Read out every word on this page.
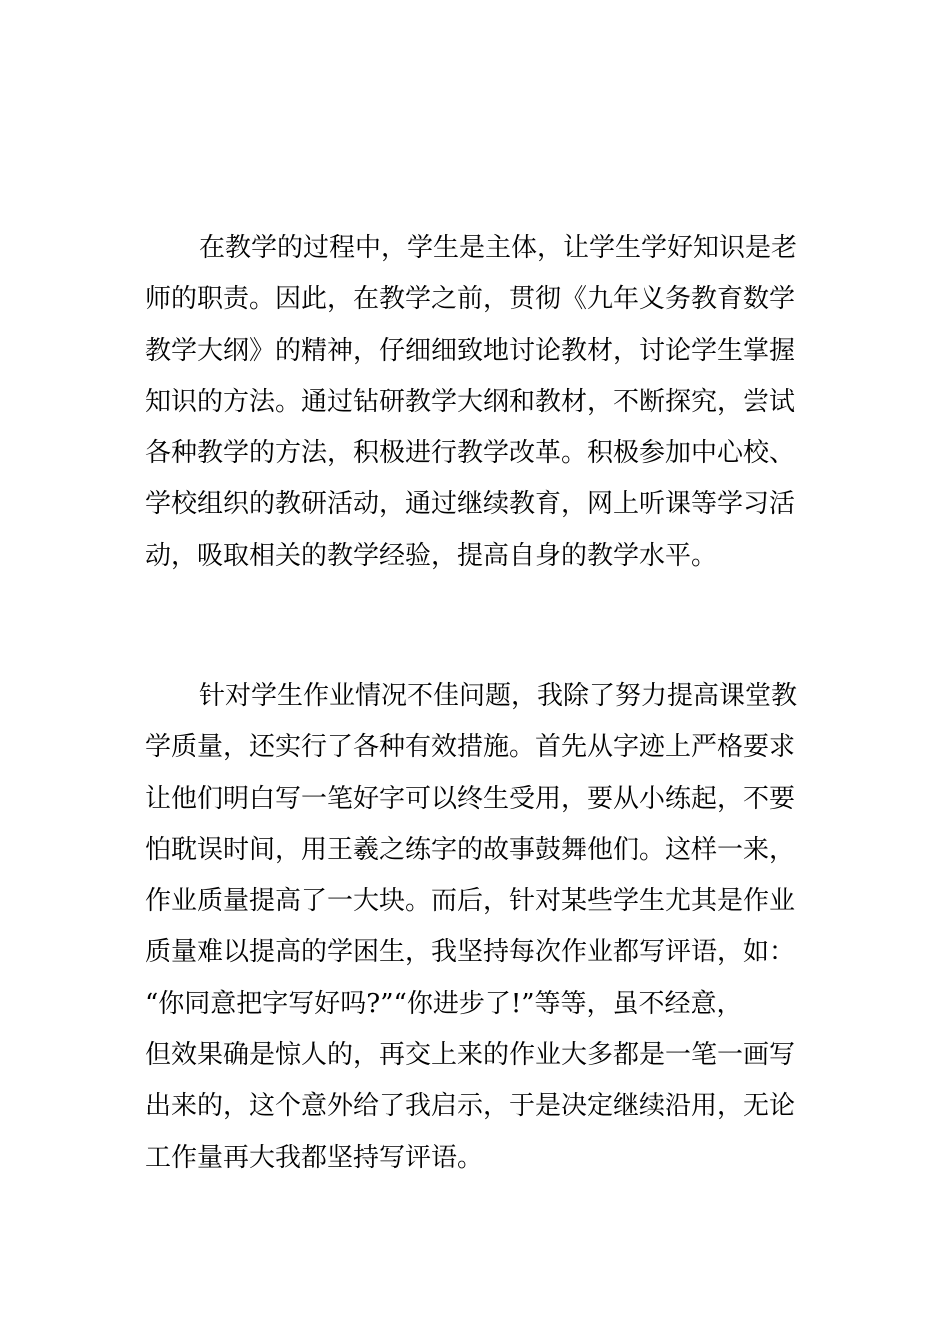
在教学的过程中，学生是主体，让学生学好知识是老
师的职责。因此，在教学之前，贯彻《九年义务教育数学
教学大纲》的精神，仔细细致地讨论教材，讨论学生掌握
知识的方法。通过钻研教学大纲和教材，不断探究，尝试
各种教学的方法，积极进行教学改革。积极参加中心校、
学校组织的教研活动，通过继续教育，网上听课等学习活
动，吸取相关的教学经验，提高自身的教学水平。
针对学生作业情况不佳问题，我除了努力提高课堂教
学质量，还实行了各种有效措施。首先从字迹上严格要求
让他们明白写一笔好字可以终生受用，要从小练起，不要
怕耽误时间，用王羲之练字的故事鼓舞他们。这样一来，
作业质量提高了一大块。而后，针对某些学生尤其是作业
质量难以提高的学困生，我坚持每次作业都写评语，如：
“你同意把字写好吗?”“你进步了!”等等，虽不经意，
但效果确是惊人的，再交上来的作业大多都是一笔一画写
出来的，这个意外给了我启示，于是决定继续沿用，无论
工作量再大我都坚持写评语。
